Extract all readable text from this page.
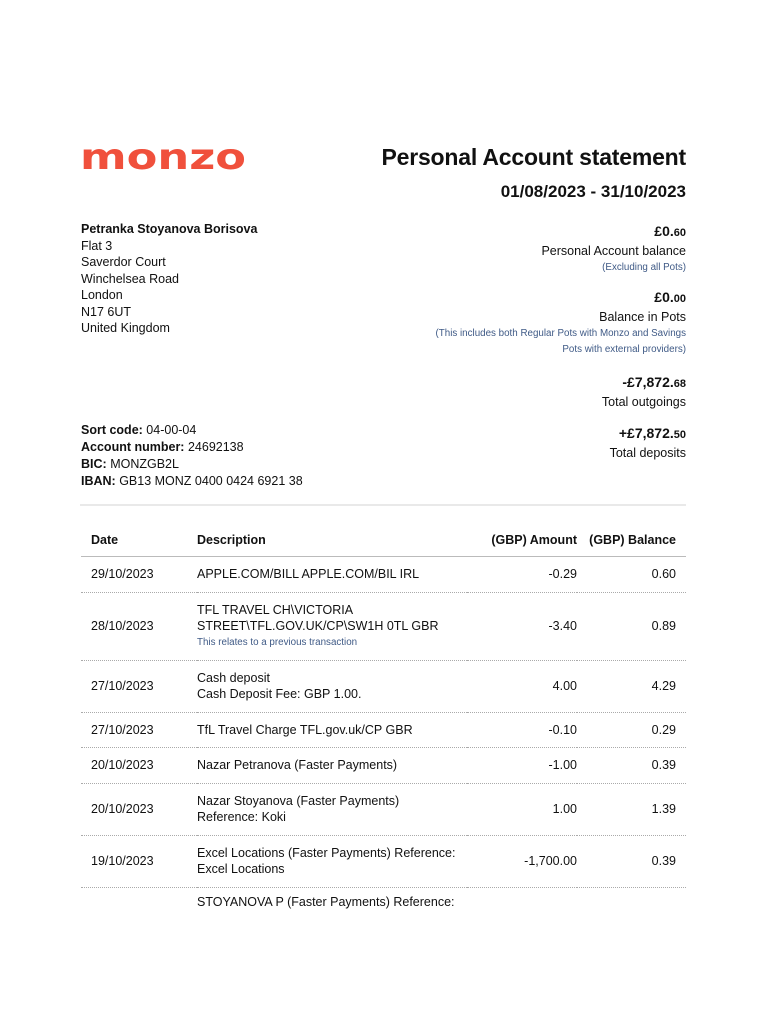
monzo	Personal Account statement
01/08/2023 - 31/10/2023
Petranka Stoyanova Borisova
Flat 3
Saverdor Court
Winchelsea Road
London
N17 6UT
United Kingdom
Sort code: 04-00-04
Account number: 24692138
BIC: MONZGB2L
IBAN: GB13 MONZ 0400 0424 6921 38
£0.60
Personal Account balance
(Excluding all Pots)
£0.00
Balance in Pots
(This includes both Regular Pots with Monzo and Savings
Pots with external providers)
-£7,872.68
Total outgoings
+£7,872.50
Total deposits
Date	Description	(GBP) Amount	(GBP) Balance
29/10/2023	APPLE.COM/BILL APPLE.COM/BIL IRL	-0.29	0.60
28/10/2023	TFL TRAVEL CH\VICTORIA
STREET\TFL.GOV.UK/CP\SW1H 0TL GBR
This relates to a previous transaction	-3.40	0.89
27/10/2023	Cash deposit
Cash Deposit Fee: GBP 1.00.	4.00	4.29
27/10/2023	TfL Travel Charge TFL.gov.uk/CP GBR	-0.10	0.29
20/10/2023	Nazar Petranova (Faster Payments)	-1.00	0.39
20/10/2023	Nazar Stoyanova (Faster Payments)
Reference: Koki	1.00	1.39
19/10/2023	Excel Locations (Faster Payments) Reference:
Excel Locations	-1,700.00	0.39

	STOYANOVA P (Faster Payments) Reference:		
